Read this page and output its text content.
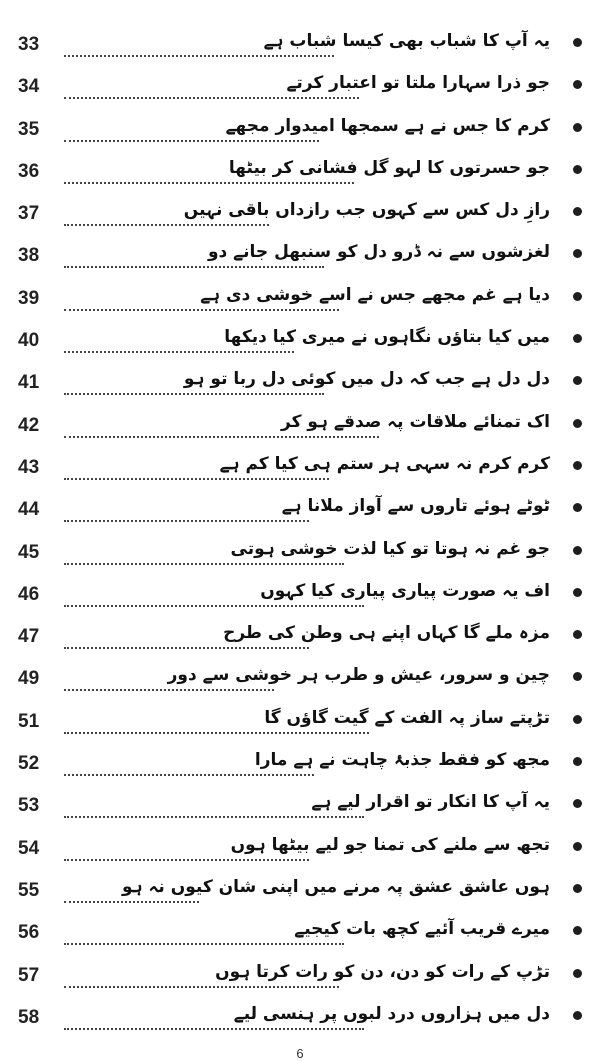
33	یہ آپ کا شباب بھی کیسا شباب ہے
34	جو ذرا سہارا ملتا تو اعتبار کرتے
35	کرم کا جس نے ہے سمجھا امیدوار مجھے
36	جو حسرتوں کا لہو گل فشانی کر بیٹھا
37	رازِ دل کس سے کہوں جب رازداں باقی نہیں
38	لغزشوں سے نہ ڈرو دل کو سنبھل جانے دو
39	دیا ہے غم مجھے جس نے اسے خوشی دی ہے
40	میں کیا بتاؤں نگاہوں نے میری کیا دیکھا
41	دل دل ہے جب کہ دل میں کوئی دل ربا تو ہو
42	اک تمنائے ملاقات پہ صدقے ہو کر
43	کرم کرم نہ سہی ہر ستم ہی کیا کم ہے
44	ٹوٹے ہوئے تاروں سے آواز ملانا ہے
45	جو غم نہ ہوتا تو کیا لذت خوشی ہوتی
46	اف یہ صورت پیاری پیاری کیا کہوں
47	مزہ ملے گا کہاں اپنے ہی وطن کی طرح
49	چین و سرور، عیش و طرب ہر خوشی سے دور
51	تڑپتے ساز پہ الفت کے گیت گاؤں گا
52	مجھ کو فقط جذبۂ چاہت نے ہے مارا
53	یہ آپ کا انکار تو اقرار لیے ہے
54	تجھ سے ملنے کی تمنا جو لیے بیٹھا ہوں
55	ہوں عاشق عشق پہ مرنے میں اپنی شان کیوں نہ ہو
56	میرے قریب آئیے کچھ بات کیجیے
57	تڑپ کے رات کو دن، دن کو رات کرتا ہوں
58	دل میں ہزاروں درد لبوں پر ہنسی لیے
6
